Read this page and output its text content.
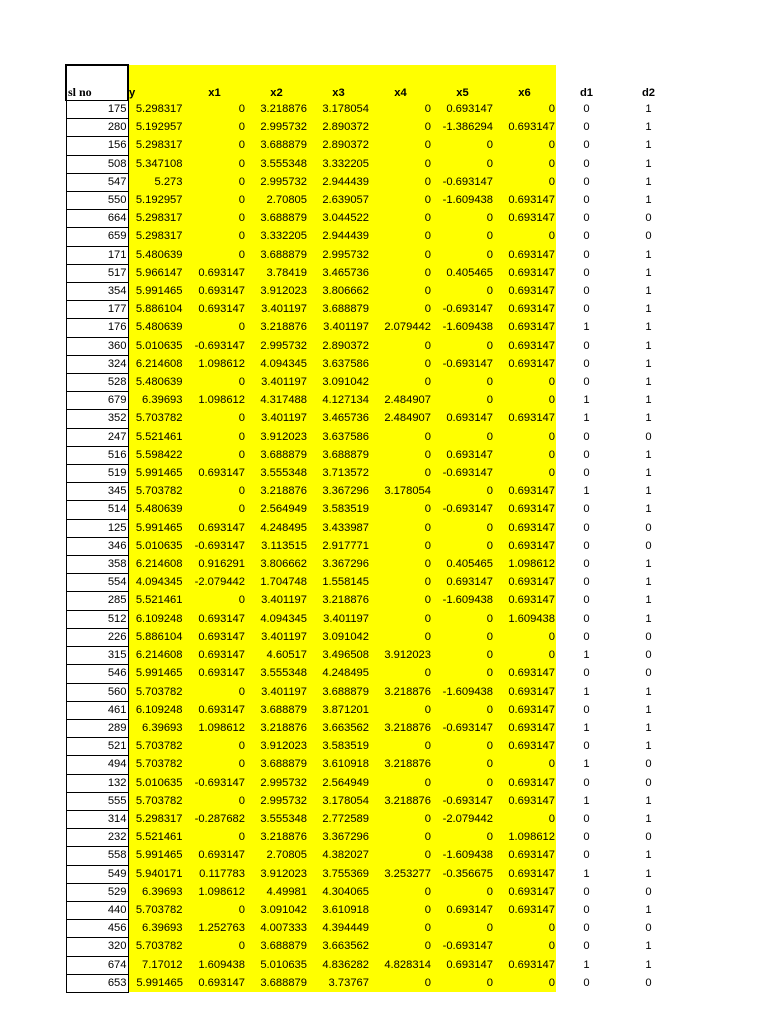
sl no	y	x1	x2	x3	x4	x5	x6	d1	d2
175	5.298317	0	3.218876	3.178054	0	0.693147	0	0	1
280	5.192957	0	2.995732	2.890372	0	-1.386294	0.693147	0	1
156	5.298317	0	3.688879	2.890372	0	0	0	0	1
508	5.347108	0	3.555348	3.332205	0	0	0	0	1
547	5.273	0	2.995732	2.944439	0	-0.693147	0	0	1
550	5.192957	0	2.70805	2.639057	0	-1.609438	0.693147	0	1
664	5.298317	0	3.688879	3.044522	0	0	0.693147	0	0
659	5.298317	0	3.332205	2.944439	0	0	0	0	0
171	5.480639	0	3.688879	2.995732	0	0	0.693147	0	1
517	5.966147	0.693147	3.78419	3.465736	0	0.405465	0.693147	0	1
354	5.991465	0.693147	3.912023	3.806662	0	0	0.693147	0	1
177	5.886104	0.693147	3.401197	3.688879	0	-0.693147	0.693147	0	1
176	5.480639	0	3.218876	3.401197	2.079442	-1.609438	0.693147	1	1
360	5.010635	-0.693147	2.995732	2.890372	0	0	0.693147	0	1
324	6.214608	1.098612	4.094345	3.637586	0	-0.693147	0.693147	0	1
528	5.480639	0	3.401197	3.091042	0	0	0	0	1
679	6.39693	1.098612	4.317488	4.127134	2.484907	0	0	1	1
352	5.703782	0	3.401197	3.465736	2.484907	0.693147	0.693147	1	1
247	5.521461	0	3.912023	3.637586	0	0	0	0	0
516	5.598422	0	3.688879	3.688879	0	0.693147	0	0	1
519	5.991465	0.693147	3.555348	3.713572	0	-0.693147	0	0	1
345	5.703782	0	3.218876	3.367296	3.178054	0	0.693147	1	1
514	5.480639	0	2.564949	3.583519	0	-0.693147	0.693147	0	1
125	5.991465	0.693147	4.248495	3.433987	0	0	0.693147	0	0
346	5.010635	-0.693147	3.113515	2.917771	0	0	0.693147	0	0
358	6.214608	0.916291	3.806662	3.367296	0	0.405465	1.098612	0	1
554	4.094345	-2.079442	1.704748	1.558145	0	0.693147	0.693147	0	1
285	5.521461	0	3.401197	3.218876	0	-1.609438	0.693147	0	1
512	6.109248	0.693147	4.094345	3.401197	0	0	1.609438	0	1
226	5.886104	0.693147	3.401197	3.091042	0	0	0	0	0
315	6.214608	0.693147	4.60517	3.496508	3.912023	0	0	1	0
546	5.991465	0.693147	3.555348	4.248495	0	0	0.693147	0	0
560	5.703782	0	3.401197	3.688879	3.218876	-1.609438	0.693147	1	1
461	6.109248	0.693147	3.688879	3.871201	0	0	0.693147	0	1
289	6.39693	1.098612	3.218876	3.663562	3.218876	-0.693147	0.693147	1	1
521	5.703782	0	3.912023	3.583519	0	0	0.693147	0	1
494	5.703782	0	3.688879	3.610918	3.218876	0	0	1	0
132	5.010635	-0.693147	2.995732	2.564949	0	0	0.693147	0	0
555	5.703782	0	2.995732	3.178054	3.218876	-0.693147	0.693147	1	1
314	5.298317	-0.287682	3.555348	2.772589	0	-2.079442	0	0	1
232	5.521461	0	3.218876	3.367296	0	0	1.098612	0	0
558	5.991465	0.693147	2.70805	4.382027	0	-1.609438	0.693147	0	1
549	5.940171	0.117783	3.912023	3.755369	3.253277	-0.356675	0.693147	1	1
529	6.39693	1.098612	4.49981	4.304065	0	0	0.693147	0	0
440	5.703782	0	3.091042	3.610918	0	0.693147	0.693147	0	1
456	6.39693	1.252763	4.007333	4.394449	0	0	0	0	0
320	5.703782	0	3.688879	3.663562	0	-0.693147	0	0	1
674	7.17012	1.609438	5.010635	4.836282	4.828314	0.693147	0.693147	1	1
653	5.991465	0.693147	3.688879	3.73767	0	0	0	0	0
